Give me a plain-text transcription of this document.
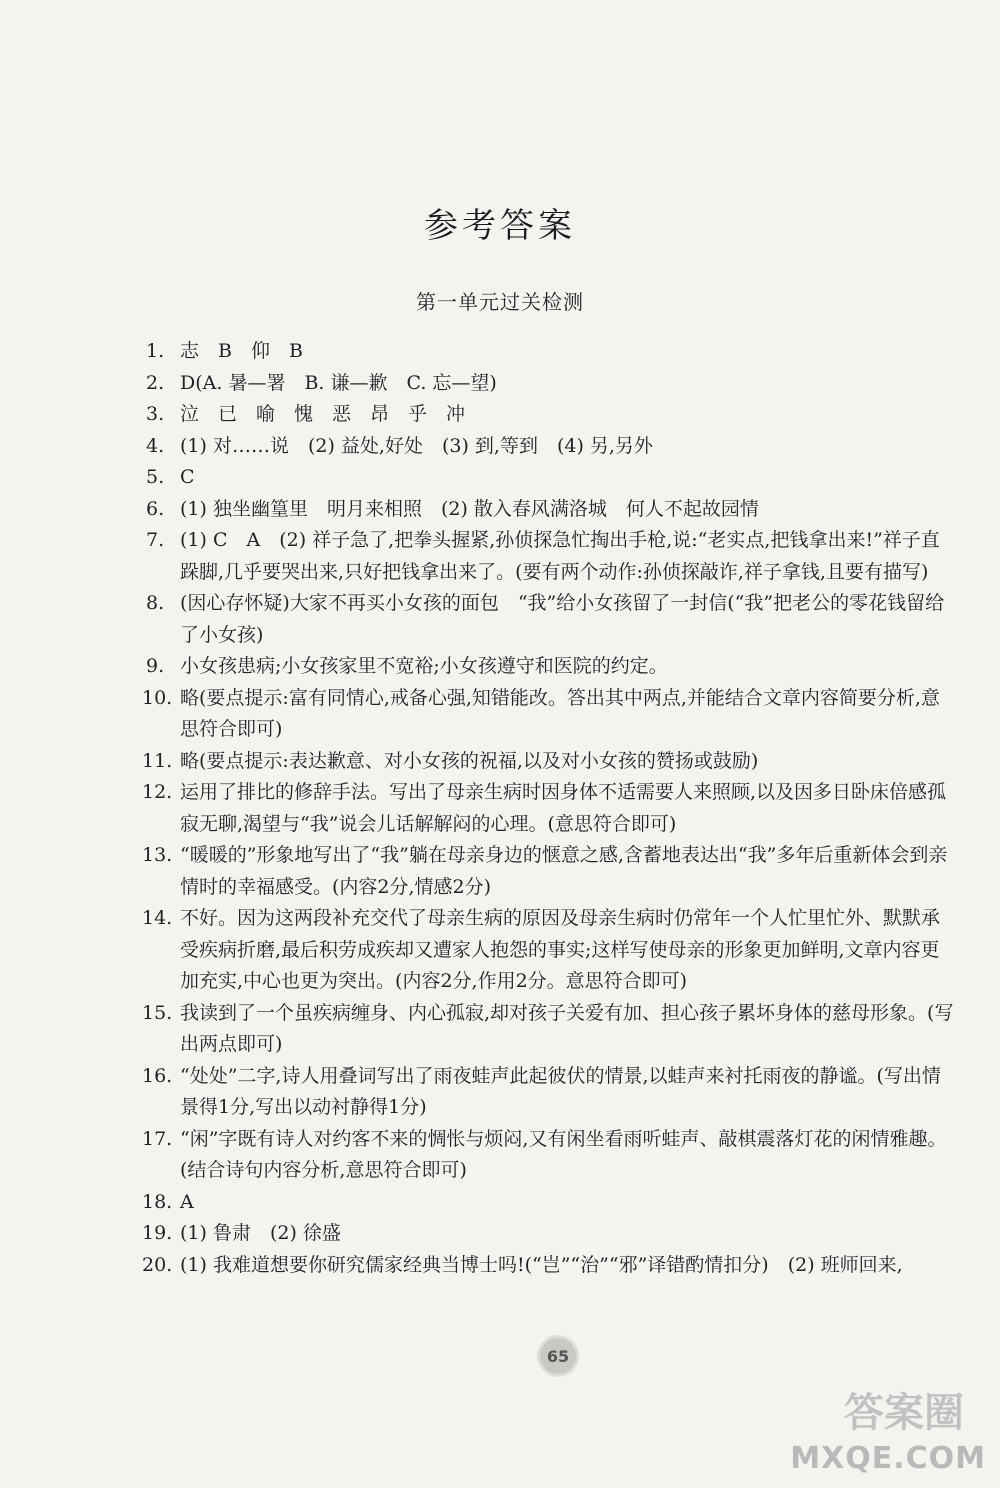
参考答案
第一单元过关检测
1. 志　B　仰　B
2. D(A. 暑—署　B. 谦—歉　C. 忘—望)
3. 泣　已　喻　愧　恶　昂　乎　冲
4. (1) 对……说　(2) 益处,好处　(3) 到,等到　(4) 另,另外
5. C
6. (1) 独坐幽篁里　明月来相照　(2) 散入春风满洛城　何人不起故园情
7. (1) C　A　(2) 祥子急了,把拳头握紧,孙侦探急忙掏出手枪,说:“老实点,把钱拿出来!”祥子直跺脚,几乎要哭出来,只好把钱拿出来了。(要有两个动作:孙侦探敲诈,祥子拿钱,且要有描写)
8. (因心存怀疑)大家不再买小女孩的面包　“我”给小女孩留了一封信(“我”把老公的零花钱留给了小女孩)
9. 小女孩患病;小女孩家里不宽裕;小女孩遵守和医院的约定。
10. 略(要点提示:富有同情心,戒备心强,知错能改。答出其中两点,并能结合文章内容简要分析,意思符合即可)
11. 略(要点提示:表达歉意、对小女孩的祝福,以及对小女孩的赞扬或鼓励)
12. 运用了排比的修辞手法。写出了母亲生病时因身体不适需要人来照顾,以及因多日卧床倍感孤寂无聊,渴望与“我”说会儿话解解闷的心理。(意思符合即可)
13. “暖暖的”形象地写出了“我”躺在母亲身边的惬意之感,含蓄地表达出“我”多年后重新体会到亲情时的幸福感受。(内容2分,情感2分)
14. 不好。因为这两段补充交代了母亲生病的原因及母亲生病时仍常年一个人忙里忙外、默默承受疾病折磨,最后积劳成疾却又遭家人抱怨的事实;这样写使母亲的形象更加鲜明,文章内容更加充实,中心也更为突出。(内容2分,作用2分。意思符合即可)
15. 我读到了一个虽疾病缠身、内心孤寂,却对孩子关爱有加、担心孩子累坏身体的慈母形象。(写出两点即可)
16. “处处”二字,诗人用叠词写出了雨夜蛙声此起彼伏的情景,以蛙声来衬托雨夜的静谧。(写出情景得1分,写出以动衬静得1分)
17. “闲”字既有诗人对约客不来的惆怅与烦闷,又有闲坐看雨听蛙声、敲棋震落灯花的闲情雅趣。(结合诗句内容分析,意思符合即可)
18. A
19. (1) 鲁肃　(2) 徐盛
20. (1) 我难道想要你研究儒家经典当博士吗!(“岂”“治”“邪”译错酌情扣分)　(2) 班师回来,
65
答案圈
MXQE.COM
